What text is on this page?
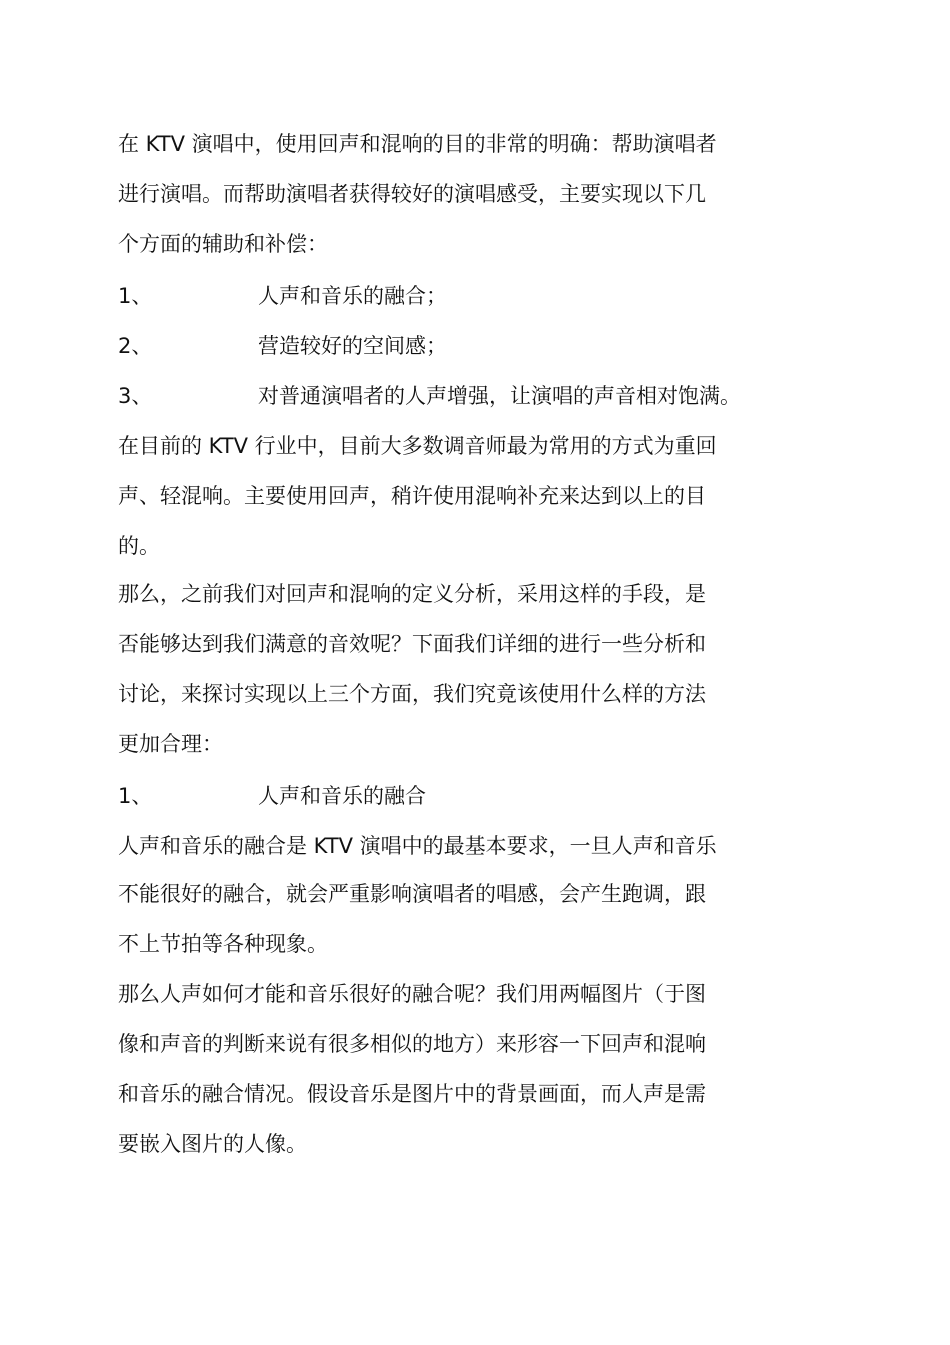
在 KTV 演唱中，使用回声和混响的目的非常的明确：帮助演唱者
进行演唱。而帮助演唱者获得较好的演唱感受，主要实现以下几
个方面的辅助和补偿：
1、	人声和音乐的融合；
2、	营造较好的空间感；
3、	对普通演唱者的人声增强，让演唱的声音相对饱满。
在目前的 KTV 行业中，目前大多数调音师最为常用的方式为重回
声、轻混响。主要使用回声，稍许使用混响补充来达到以上的目
的。
那么，之前我们对回声和混响的定义分析，采用这样的手段，是
否能够达到我们满意的音效呢？下面我们详细的进行一些分析和
讨论，来探讨实现以上三个方面，我们究竟该使用什么样的方法
更加合理：
1、	人声和音乐的融合
人声和音乐的融合是 KTV 演唱中的最基本要求，一旦人声和音乐
不能很好的融合，就会严重影响演唱者的唱感，会产生跑调，跟
不上节拍等各种现象。
那么人声如何才能和音乐很好的融合呢？我们用两幅图片（于图
像和声音的判断来说有很多相似的地方）来形容一下回声和混响
和音乐的融合情况。假设音乐是图片中的背景画面，而人声是需
要嵌入图片的人像。
